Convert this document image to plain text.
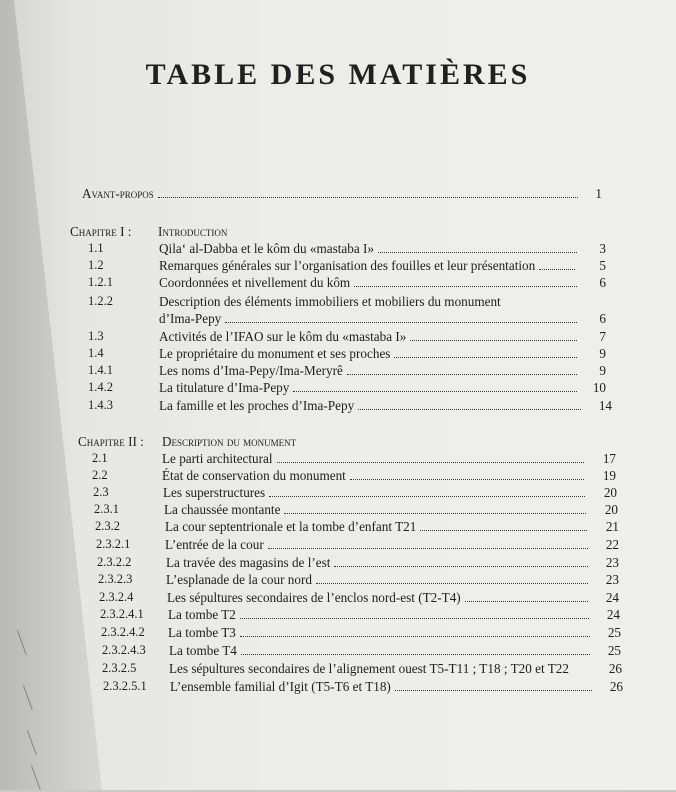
TABLE DES MATIÈRES
Avant-propos	1
Chapitre I : Introduction
1.1	Qila‘ al-Dabba et le kôm du «mastaba I»	3
1.2	Remarques générales sur l’organisation des fouilles et leur présentation	5
1.2.1	Coordonnées et nivellement du kôm	6
1.2.2	Description des éléments immobiliers et mobiliers du monument
d’Ima-Pepy	6
1.3	Activités de l’IFAO sur le kôm du «mastaba I»	7
1.4	Le propriétaire du monument et ses proches	9
1.4.1	Les noms d’Ima-Pepy/Ima-Meryrê	9
1.4.2	La titulature d’Ima-Pepy	10
1.4.3	La famille et les proches d’Ima-Pepy	14
Chapitre II : Description du monument
2.1	Le parti architectural	17
2.2	État de conservation du monument	19
2.3	Les superstructures	20
2.3.1	La chaussée montante	20
2.3.2	La cour septentrionale et la tombe d’enfant T21	21
2.3.2.1	L’entrée de la cour	22
2.3.2.2	La travée des magasins de l’est	23
2.3.2.3	L’esplanade de la cour nord	23
2.3.2.4	Les sépultures secondaires de l’enclos nord-est (T2-T4)	24
2.3.2.4.1 La tombe T2	24
2.3.2.4.2 La tombe T3	25
2.3.2.4.3 La tombe T4	25
2.3.2.5 Les sépultures secondaires de l’alignement ouest T5-T11 ; T18 ; T20 et T22	26
2.3.2.5.1 L’ensemble familial d’Igit (T5-T6 et T18)	26
